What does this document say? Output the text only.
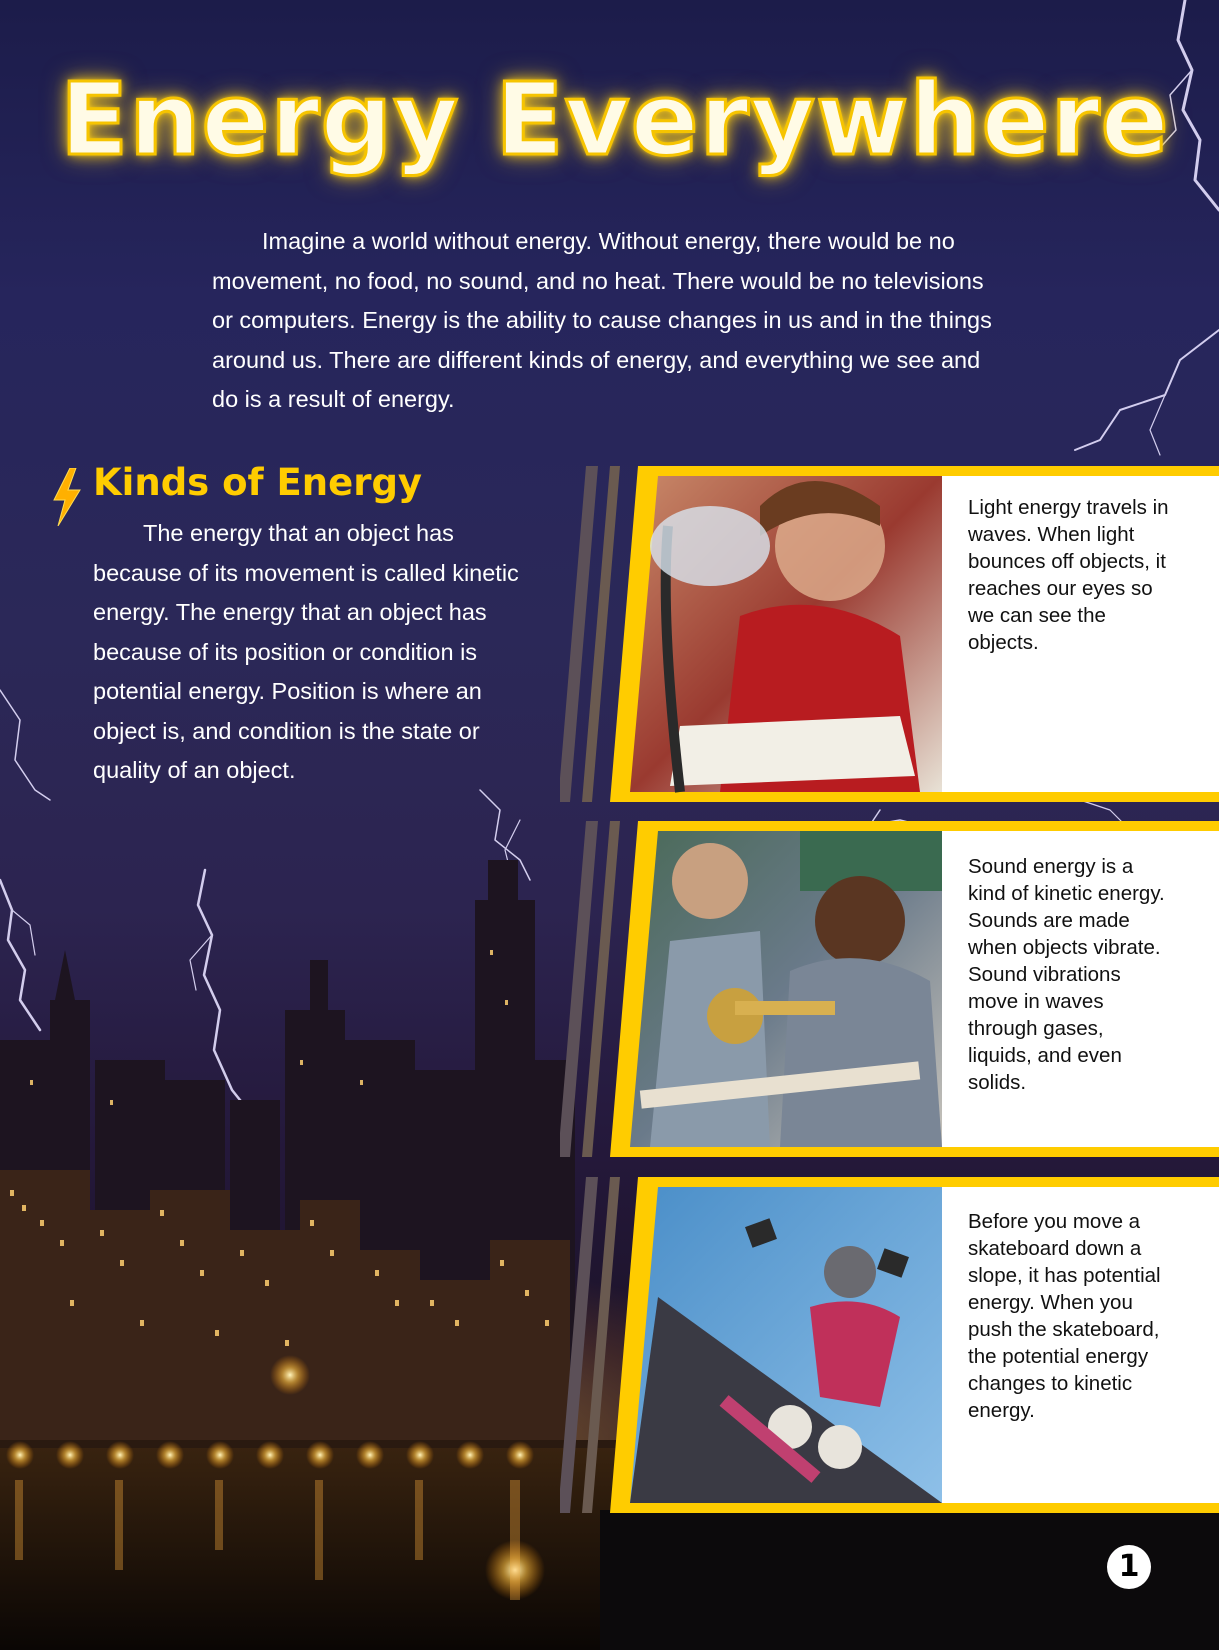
Energy Everywhere
Imagine a world without energy. Without energy, there would be no movement, no food, no sound, and no heat. There would be no televisions or computers. Energy is the ability to cause changes in us and in the things around us. There are different kinds of energy, and everything we see and do is a result of energy.
Kinds of Energy
The energy that an object has because of its movement is called kinetic energy. The energy that an object has because of its position or condition is potential energy. Position is where an object is, and condition is the state or quality of an object.
Light energy travels in waves. When light bounces off objects, it reaches our eyes so we can see the objects.
Sound energy is a kind of kinetic energy. Sounds are made when objects vibrate. Sound vibrations move in waves through gases, liquids, and even solids.
Before you move a skateboard down a slope, it has potential energy. When you push the skateboard, the potential energy changes to kinetic energy.
1
